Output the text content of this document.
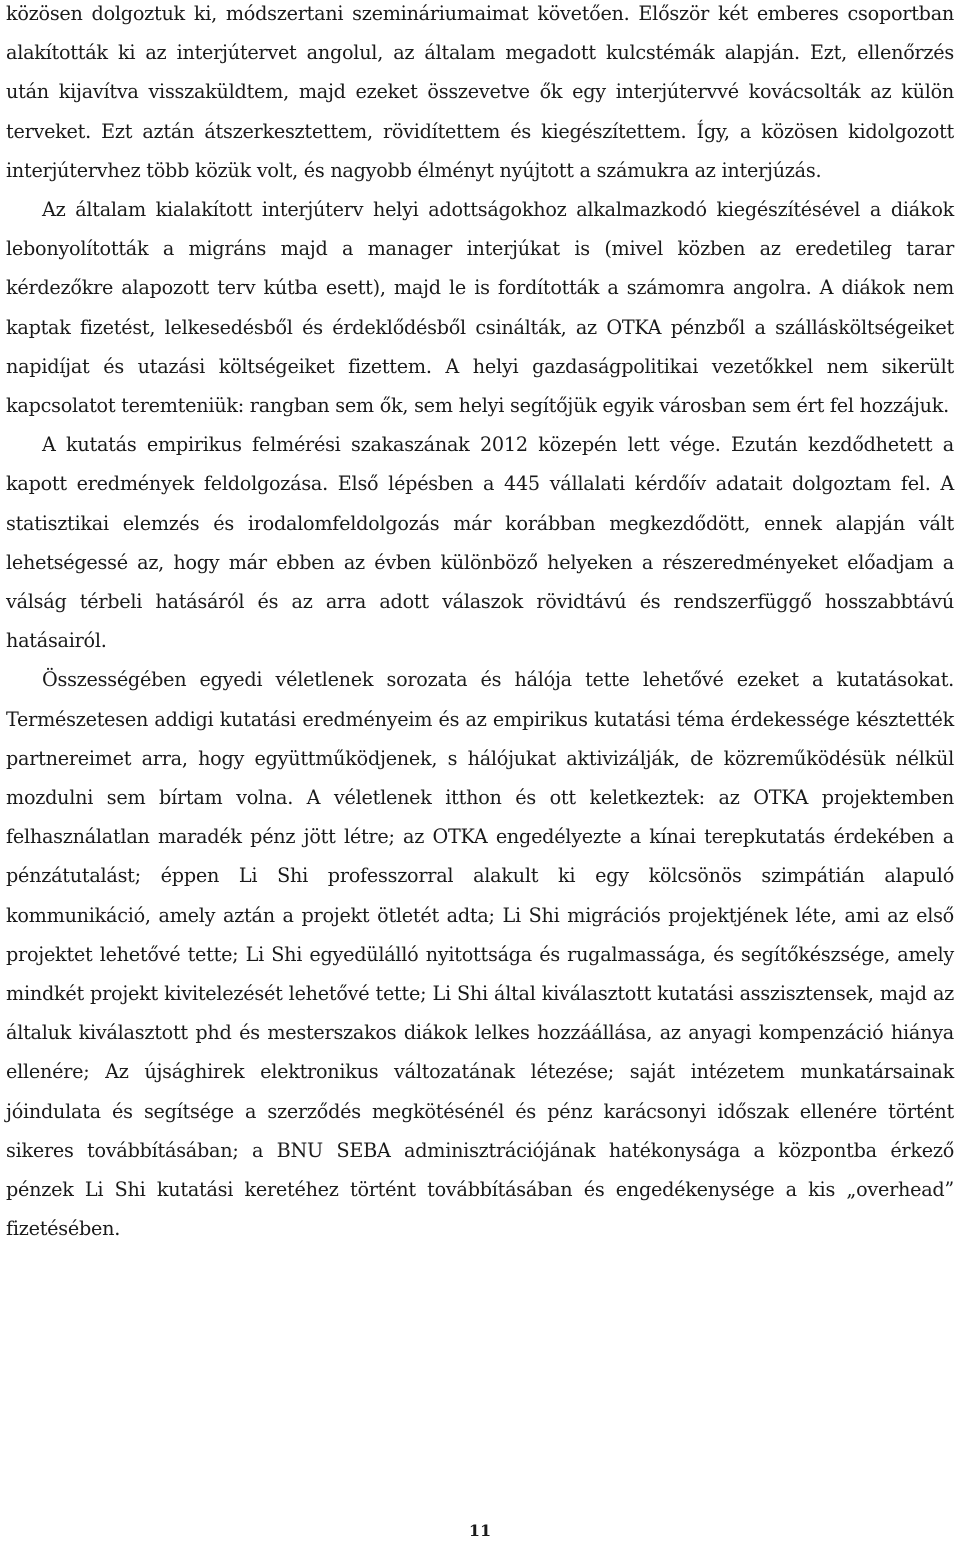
közösen dolgoztuk ki, módszertani szemináriumaimat követően. Először két emberes csoportban alakították ki az interjútervet angolul, az általam megadott kulcstémák alapján. Ezt, ellenőrzés után kijavítva visszaküldtem, majd ezeket összevetve ők egy interjútervvé kovácsolták az külön terveket. Ezt aztán átszerkesztettem, rövidítettem és kiegészítettem. Így, a közösen kidolgozott interjútervhez több közük volt, és nagyobb élményt nyújtott a számukra az interjúzás.

Az általam kialakított interjúterv helyi adottságokhoz alkalmazkodó kiegészítésével a diákok lebonyolították a migráns majd a manager interjúkat is (mivel közben az eredetileg tarar kérdezőkre alapozott terv kútba esett), majd le is fordították a számomra angolra. A diákok nem kaptak fizetést, lelkesedésből és érdeklődésből csinálták, az OTKA pénzből a szállásköltségeiket napidíjat és utazási költségeiket fizettem. A helyi gazdaságpolitikai vezetőkkel nem sikerült kapcsolatot teremteniük: rangban sem ők, sem helyi segítőjük egyik városban sem ért fel hozzájuk.

A kutatás empirikus felmérési szakaszának 2012 közepén lett vége. Ezután kezdődhetett a kapott eredmények feldolgozása. Első lépésben a 445 vállalati kérdőív adatait dolgoztam fel. A statisztikai elemzés és irodalomfeldolgozás már korábban megkezdődött, ennek alapján vált lehetségessé az, hogy már ebben az évben különböző helyeken a részeredményeket előadjam a válság térbeli hatásáról és az arra adott válaszok rövidtávú és rendszerfüggő hosszabbtávú hatásairól.

Összességében egyedi véletlenek sorozata és hálója tette lehetővé ezeket a kutatásokat. Természetesen addigi kutatási eredményeim és az empirikus kutatási téma érdekessége késztették partnereimet arra, hogy együttműködjenek, s hálójukat aktivizálják, de közreműködésük nélkül mozdulni sem bírtam volna. A véletlenek itthon és ott keletkeztek: az OTKA projektemben felhasználatlan maradék pénz jött létre; az OTKA engedélyezte a kínai terepkutatás érdekében a pénzátutalást; éppen Li Shi professzorral alakult ki egy kölcsönös szimpátián alapuló kommunikáció, amely aztán a projekt ötletét adta; Li Shi migrációs projektjének léte, ami az első projektet lehetővé tette; Li Shi egyedülálló nyitottsága és rugalmassága, és segítőkészsége, amely mindkét projekt kivitelezését lehetővé tette; Li Shi által kiválasztott kutatási asszisztensek, majd az általuk kiválasztott phd és mesterszakos diákok lelkes hozzáállása, az anyagi kompenzáció hiánya ellenére; Az újsághirek elektronikus változatának létezése; saját intézetem munkatársainak jóindulata és segítsége a szerződés megkötésénél és pénz karácsonyi időszak ellenére történt sikeres továbbításában; a BNU SEBA adminisztrációjának hatékonysága a központba érkező pénzek Li Shi kutatási keretéhez történt továbbításában és engedékenysége a kis „overhead” fizetésében.

11
